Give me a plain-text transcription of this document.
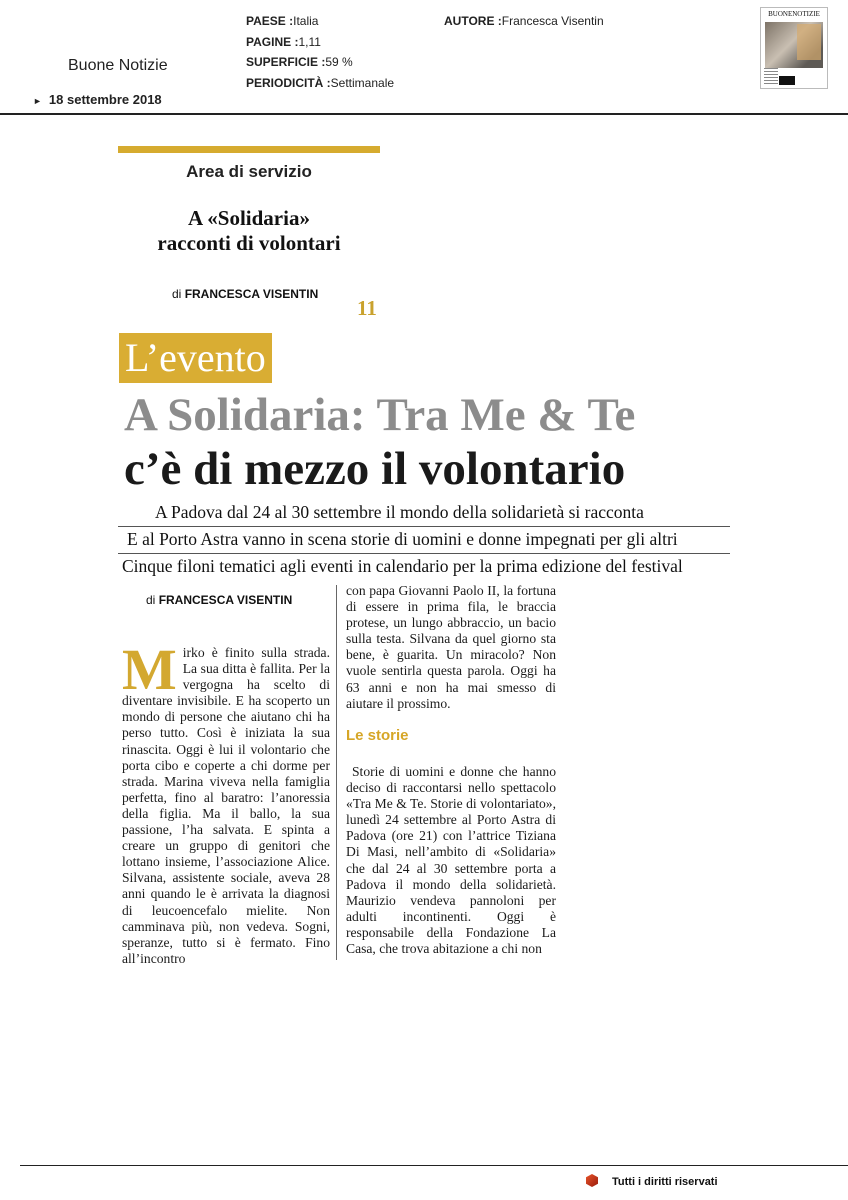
Buone Notizie
► 18 settembre 2018
PAESE :Italia
PAGINE :1,11
SUPERFICIE :59 %
PERIODICITÀ :Settimanale
AUTORE :Francesca Visentin	BUONENOTIZIE
Area di servizio
A «Solidaria»
racconti di volontari
di FRANCESCA VISENTIN
11
L’evento
A Solidaria: Tra Me & Te
c’è di mezzo il volontario
A Padova dal 24 al 30 settembre il mondo della solidarietà si racconta
E al Porto Astra vanno in scena storie di uomini e donne impegnati per gli altri
Cinque filoni tematici agli eventi in calendario per la prima edizione del festival
di FRANCESCA VISENTIN

Mirko è finito sulla strada. La sua ditta è fallita. Per la vergogna ha scelto di diventare invisibile. E ha scoperto un mondo di persone che aiutano chi ha perso tutto. Così è iniziata la sua rinascita. Oggi è lui il volontario che porta cibo e coperte a chi dorme per strada. Marina viveva nella famiglia perfetta, fino al baratro: l’anoressia della figlia. Ma il ballo, la sua passione, l’ha salvata. E spinta a creare un gruppo di genitori che lottano insieme, l’associazione Alice. Silvana, assistente sociale, aveva 28 anni quando le è arrivata la diagnosi di leucoencefalo mielite. Non camminava più, non vedeva. Sogni, speranze, tutto si è fermato. Fino all’incontro

con papa Giovanni Paolo II, la fortuna di essere in prima fila, le braccia protese, un lungo abbraccio, un bacio sulla testa. Silvana da quel giorno sta bene, è guarita. Un miracolo? Non vuole sentirla questa parola. Oggi ha 63 anni e non ha mai smesso di aiutare il prossimo.

Le storie

Storie di uomini e donne che hanno deciso di raccontarsi nello spettacolo «Tra Me & Te. Storie di volontariato», lunedì 24 settembre al Porto Astra di Padova (ore 21) con l’attrice Tiziana Di Masi, nell’ambito di «Solidaria» che dal 24 al 30 settembre porta a Padova il mondo della solidarietà. Maurizio vendeva pannoloni per adulti incontinenti. Oggi è responsabile della Fondazione La Casa, che trova abitazione a chi non

Tutti i diritti riservati
